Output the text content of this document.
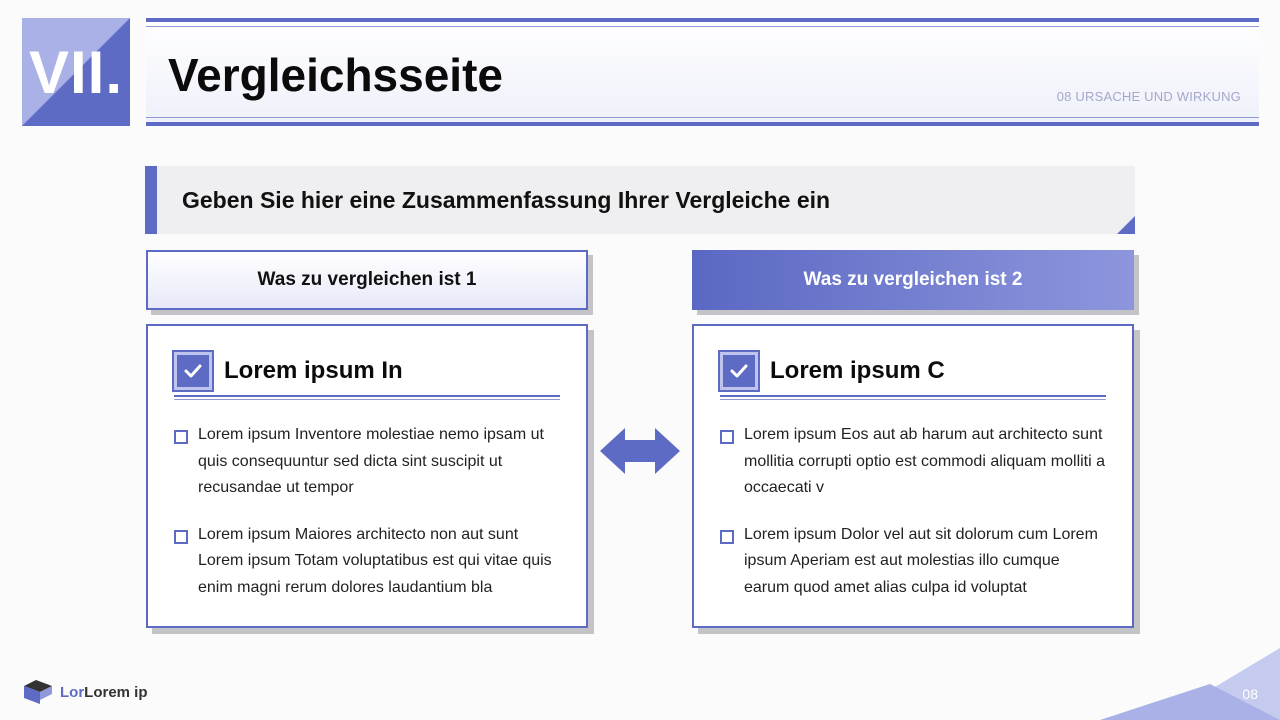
VII. Vergleichsseite	08 URSACHE UND WIRKUNG
Geben Sie hier eine Zusammenfassung Ihrer Vergleiche ein
Was zu vergleichen ist 1	Was zu vergleichen ist 2
Lorem ipsum In
Lorem ipsum Inventore molestiae nemo ipsam ut quis consequuntur sed dicta sint suscipit ut recusandae ut tempor
Lorem ipsum Maiores architecto non aut sunt Lorem ipsum Totam voluptatibus est qui vitae quis enim magni rerum dolores laudantium bla
Lorem ipsum C
Lorem ipsum Eos aut ab harum aut architecto sunt mollitia corrupti optio est commodi aliquam molliti a occaecati v
Lorem ipsum Dolor vel aut sit dolorum cum Lorem ipsum Aperiam est aut molestias illo cumque earum quod amet alias culpa id voluptat
LorLorem ip	08
